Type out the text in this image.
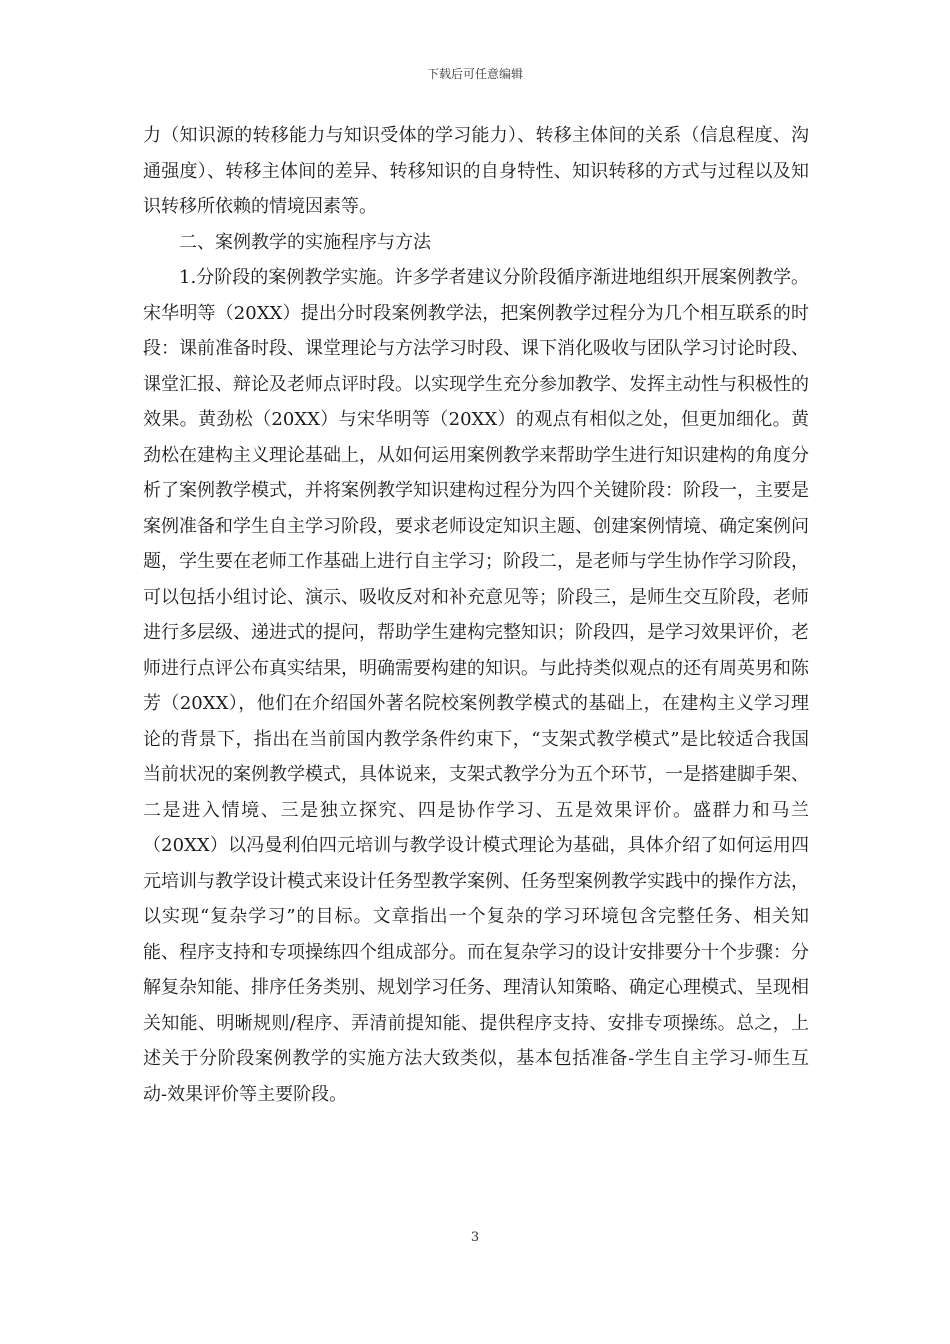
下载后可任意编辑

力（知识源的转移能力与知识受体的学习能力）、转移主体间的关系（信息程度、沟通强度）、转移主体间的差异、转移知识的自身特性、知识转移的方式与过程以及知识转移所依赖的情境因素等。

二、案例教学的实施程序与方法

1.分阶段的案例教学实施。许多学者建议分阶段循序渐进地组织开展案例教学。宋华明等（20XX）提出分时段案例教学法，把案例教学过程分为几个相互联系的时段：课前准备时段、课堂理论与方法学习时段、课下消化吸收与团队学习讨论时段、课堂汇报、辩论及老师点评时段。以实现学生充分参加教学、发挥主动性与积极性的效果。黄劲松（20XX）与宋华明等（20XX）的观点有相似之处，但更加细化。黄劲松在建构主义理论基础上，从如何运用案例教学来帮助学生进行知识建构的角度分析了案例教学模式，并将案例教学知识建构过程分为四个关键阶段：阶段一，主要是案例准备和学生自主学习阶段，要求老师设定知识主题、创建案例情境、确定案例问题，学生要在老师工作基础上进行自主学习；阶段二，是老师与学生协作学习阶段，可以包括小组讨论、演示、吸收反对和补充意见等；阶段三，是师生交互阶段，老师进行多层级、递进式的提问，帮助学生建构完整知识；阶段四，是学习效果评价，老师进行点评公布真实结果，明确需要构建的知识。与此持类似观点的还有周英男和陈芳（20XX），他们在介绍国外著名院校案例教学模式的基础上，在建构主义学习理论的背景下，指出在当前国内教学条件约束下，“支架式教学模式”是比较适合我国当前状况的案例教学模式，具体说来，支架式教学分为五个环节，一是搭建脚手架、二是进入情境、三是独立探究、四是协作学习、五是效果评价。盛群力和马兰（20XX）以冯曼利伯四元培训与教学设计模式理论为基础，具体介绍了如何运用四元培训与教学设计模式来设计任务型教学案例、任务型案例教学实践中的操作方法，以实现“复杂学习”的目标。文章指出一个复杂的学习环境包含完整任务、相关知能、程序支持和专项操练四个组成部分。而在复杂学习的设计安排要分十个步骤：分解复杂知能、排序任务类别、规划学习任务、理清认知策略、确定心理模式、呈现相关知能、明晰规则/程序、弄清前提知能、提供程序支持、安排专项操练。总之，上述关于分阶段案例教学的实施方法大致类似，基本包括准备-学生自主学习-师生互动-效果评价等主要阶段。

3
